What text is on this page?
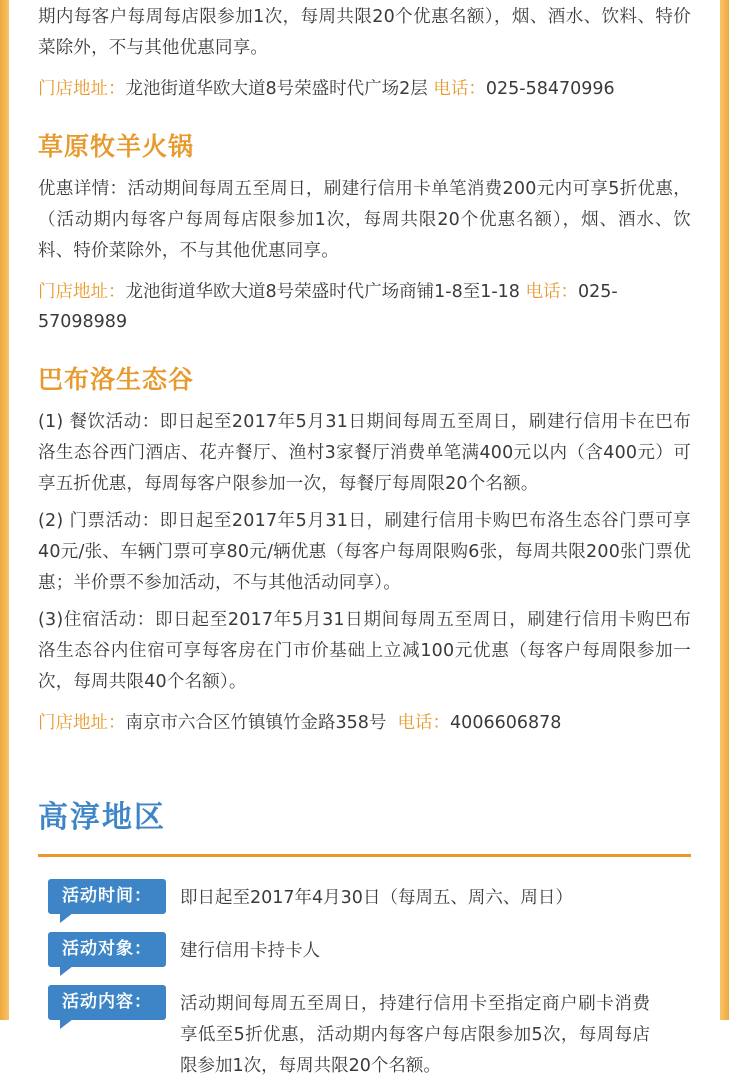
期内每客户每周每店限参加1次，每周共限20个优惠名额），烟、酒水、饮料、特价菜除外，不与其他优惠同享。
门店地址：龙池街道华欧大道8号荣盛时代广场2层 电话：025-58470996
草原牧羊火锅
优惠详情：活动期间每周五至周日，刷建行信用卡单笔消费200元内可享5折优惠，（活动期内每客户每周每店限参加1次，每周共限20个优惠名额），烟、酒水、饮料、特价菜除外，不与其他优惠同享。
门店地址：龙池街道华欧大道8号荣盛时代广场商铺1-8至1-18 电话：025-57098989
巴布洛生态谷
(1) 餐饮活动：即日起至2017年5月31日期间每周五至周日，刷建行信用卡在巴布洛生态谷西门酒店、花卉餐厅、渔村3家餐厅消费单笔满400元以内（含400元）可享五折优惠，每周每客户限参加一次，每餐厅每周限20个名额。
(2) 门票活动：即日起至2017年5月31日，刷建行信用卡购巴布洛生态谷门票可享40元/张、车辆门票可享80元/辆优惠（每客户每周限购6张，每周共限200张门票优惠；半价票不参加活动，不与其他活动同享）。
(3)住宿活动：即日起至2017年5月31日期间每周五至周日，刷建行信用卡购巴布洛生态谷内住宿可享每客房在门市价基础上立减100元优惠（每客户每周限参加一次，每周共限40个名额）。
门店地址：南京市六合区竹镇镇竹金路358号 电话：4006606878
高淳地区
活动时间：	即日起至2017年4月30日（每周五、周六、周日）
活动对象：	建行信用卡持卡人
活动内容：	活动期间每周五至周日，持建行信用卡至指定商户刷卡消费享低至5折优惠，活动期内每客户每店限参加5次，每周每店限参加1次，每周共限20个名额。
